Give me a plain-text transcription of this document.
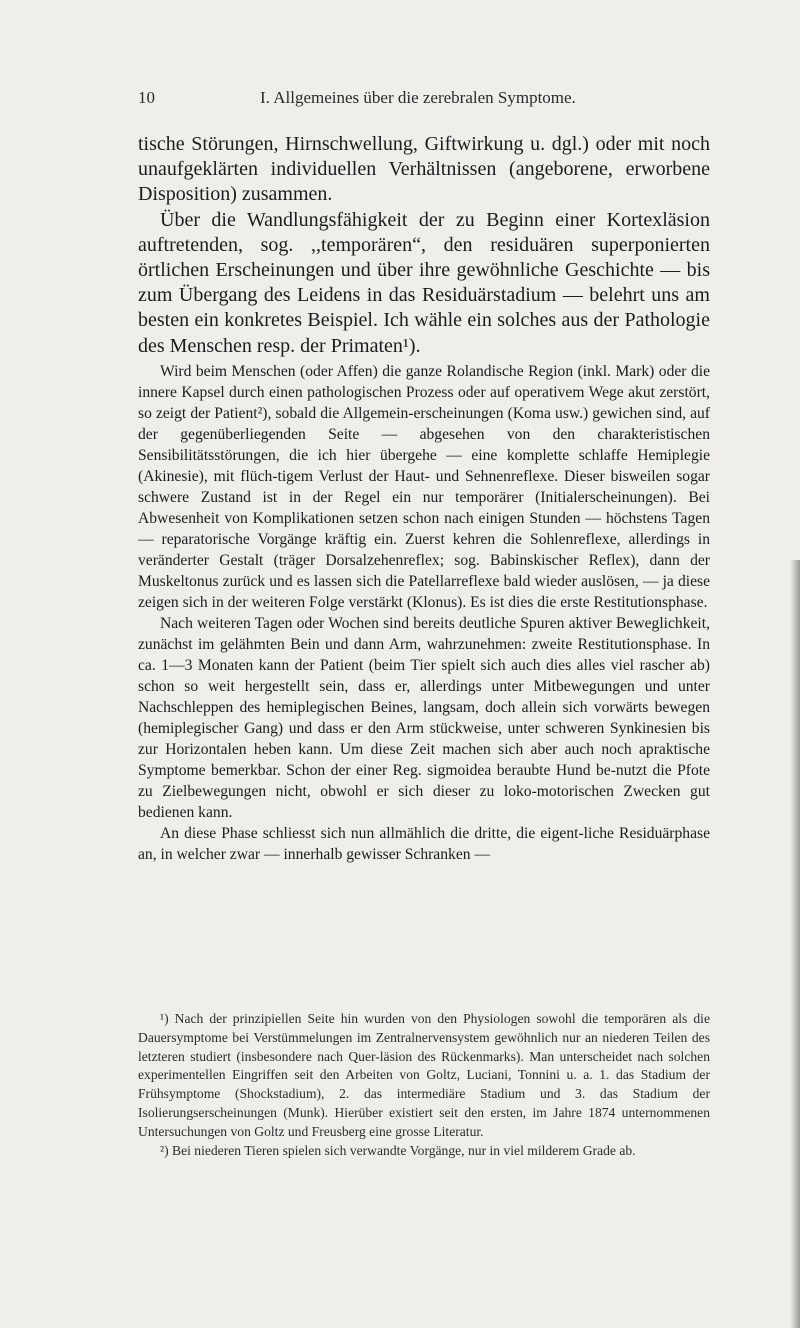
10	I. Allgemeines über die zerebralen Symptome.

tische Störungen, Hirnschwellung, Giftwirkung u. dgl.) oder mit noch unaufgeklärten individuellen Verhältnissen (angeborene, erworbene Disposition) zusammen.

Über die Wandlungsfähigkeit der zu Beginn einer Kortexläsion auftretenden, sog. ,,temporären“, den residuären superponierten örtlichen Erscheinungen und über ihre gewöhnliche Geschichte — bis zum Übergang des Leidens in das Residuärstadium — belehrt uns am besten ein konkretes Beispiel. Ich wähle ein solches aus der Pathologie des Menschen resp. der Primaten¹).

Wird beim Menschen (oder Affen) die ganze Rolandische Region (inkl. Mark) oder die innere Kapsel durch einen pathologischen Prozess oder auf operativem Wege akut zerstört, so zeigt der Patient²), sobald die Allgemein-erscheinungen (Koma usw.) gewichen sind, auf der gegenüberliegenden Seite — abgesehen von den charakteristischen Sensibilitätsstörungen, die ich hier übergehe — eine komplette schlaffe Hemiplegie (Akinesie), mit flüch-tigem Verlust der Haut- und Sehnenreflexe. Dieser bisweilen sogar schwere Zustand ist in der Regel ein nur temporärer (Initialerscheinungen). Bei Abwesenheit von Komplikationen setzen schon nach einigen Stunden — höchstens Tagen — reparatorische Vorgänge kräftig ein. Zuerst kehren die Sohlenreflexe, allerdings in veränderter Gestalt (träger Dorsalzehenreflex; sog. Babinskischer Reflex), dann der Muskeltonus zurück und es lassen sich die Patellarreflexe bald wieder auslösen, — ja diese zeigen sich in der weiteren Folge verstärkt (Klonus). Es ist dies die erste Restitutionsphase.

Nach weiteren Tagen oder Wochen sind bereits deutliche Spuren aktiver Beweglichkeit, zunächst im gelähmten Bein und dann Arm, wahrzunehmen: zweite Restitutionsphase. In ca. 1—3 Monaten kann der Patient (beim Tier spielt sich auch dies alles viel rascher ab) schon so weit hergestellt sein, dass er, allerdings unter Mitbewegungen und unter Nachschleppen des hemiplegischen Beines, langsam, doch allein sich vorwärts bewegen (hemiplegischer Gang) und dass er den Arm stückweise, unter schweren Synkinesien bis zur Horizontalen heben kann. Um diese Zeit machen sich aber auch noch apraktische Symptome bemerkbar. Schon der einer Reg. sigmoidea beraubte Hund be-nutzt die Pfote zu Zielbewegungen nicht, obwohl er sich dieser zu loko-motorischen Zwecken gut bedienen kann.

An diese Phase schliesst sich nun allmählich die dritte, die eigent-liche Residuärphase an, in welcher zwar — innerhalb gewisser Schranken —

¹) Nach der prinzipiellen Seite hin wurden von den Physiologen sowohl die temporären als die Dauersymptome bei Verstümmelungen im Zentralnervensystem gewöhnlich nur an niederen Teilen des letzteren studiert (insbesondere nach Quer-läsion des Rückenmarks). Man unterscheidet nach solchen experimentellen Eingriffen seit den Arbeiten von Goltz, Luciani, Tonnini u. a. 1. das Stadium der Frühsymptome (Shockstadium), 2. das intermediäre Stadium und 3. das Stadium der Isolierungserscheinungen (Munk). Hierüber existiert seit den ersten, im Jahre 1874 unternommenen Untersuchungen von Goltz und Freusberg eine grosse Literatur.

²) Bei niederen Tieren spielen sich verwandte Vorgänge, nur in viel milderem Grade ab.
